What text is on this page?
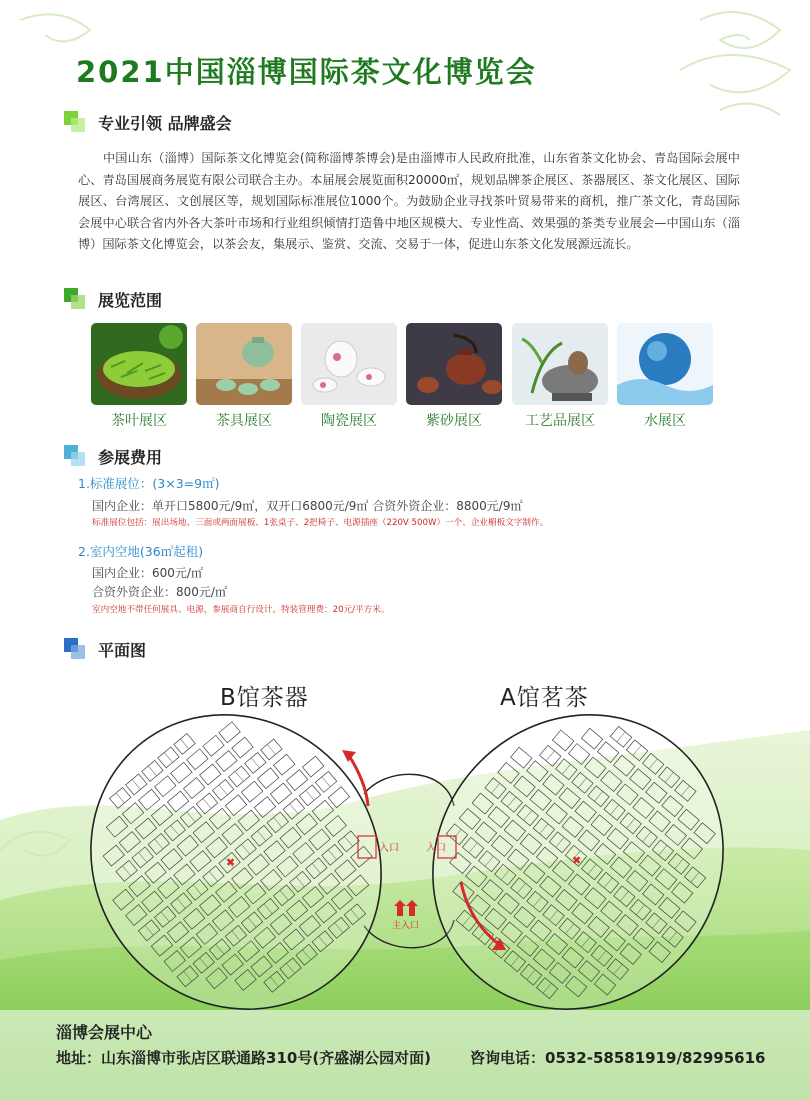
2021中国淄博国际茶文化博览会
专业引领 品牌盛会
中国山东（淄博）国际茶文化博览会(简称淄博茶博会)是由淄博市人民政府批准，山东省茶文化协会、青岛国际会展中心、青岛国展商务展览有限公司联合主办。本届展会展览面积20000㎡，规划品牌茶企展区、茶器展区、茶文化展区、国际展区、台湾展区、文创展区等，规划国际标准展位1000个。为鼓励企业寻找茶叶贸易带来的商机，推广茶文化，青岛国际会展中心联合省内外各大茶叶市场和行业组织倾情打造鲁中地区规模大、专业性高、效果强的茶类专业展会—中国山东（淄博）国际茶文化博览会，以茶会友，集展示、鉴赏、交流、交易于一体，促进山东茶文化发展源远流长。
展览范围
茶叶展区	茶具展区	陶瓷展区	紫砂展区	工艺品展区	水展区
参展费用
1.标准展位：(3×3=9㎡)
国内企业：单开口5800元/9㎡，双开口6800元/9㎡ 合资外资企业：8800元/9㎡
标准展位包括：展出场地、三面或两面展板、1张桌子、2把椅子、电源插座（220V 500W）一个、企业楣板文字制作。
2.室内空地(36㎡起租)
国内企业：600元/㎡
合资外资企业：800元/㎡
室内空地不带任何展具、电源，参展商自行设计。特装管理费：20元/平方米。
平面图
B馆茶器	A馆茗茶
入口	入口
主入口
✖	✖
淄博会展中心
地址：山东淄博市张店区联通路310号(齐盛湖公园对面)	咨询电话：0532-58581919/82995616
